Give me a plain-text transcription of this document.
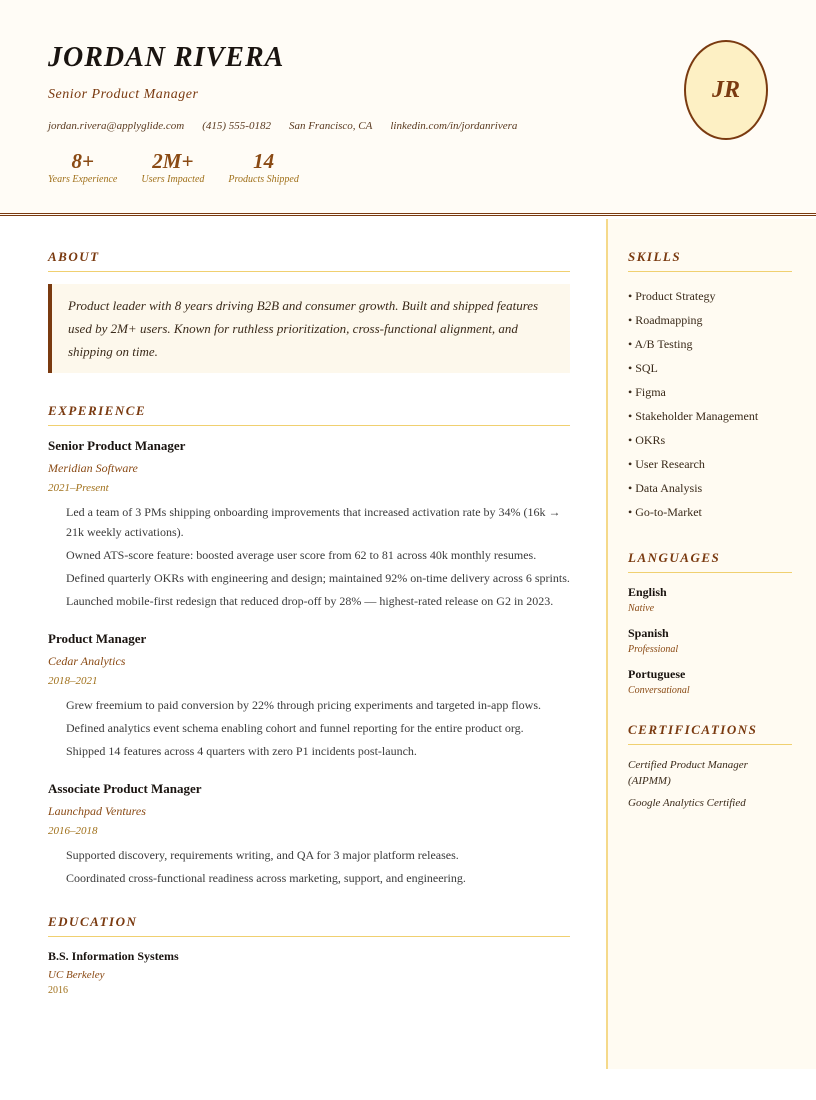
JORDAN RIVERA
Senior Product Manager
jordan.rivera@applyglide.com (415) 555-0182 San Francisco, CA linkedin.com/in/jordanrivera
8+
Years Experience
2M+
Users Impacted
14
Products Shipped
JR
ABOUT
Product leader with 8 years driving B2B and consumer growth. Built and shipped features used by 2M+ users. Known for ruthless prioritization, cross-functional alignment, and shipping on time.
EXPERIENCE
Senior Product Manager
Meridian Software
2021–Present
Led a team of 3 PMs shipping onboarding improvements that increased activation rate by 34% (16k → 21k weekly activations).
Owned ATS-score feature: boosted average user score from 62 to 81 across 40k monthly resumes.
Defined quarterly OKRs with engineering and design; maintained 92% on-time delivery across 6 sprints.
Launched mobile-first redesign that reduced drop-off by 28% — highest-rated release on G2 in 2023.
Product Manager
Cedar Analytics
2018–2021
Grew freemium to paid conversion by 22% through pricing experiments and targeted in-app flows.
Defined analytics event schema enabling cohort and funnel reporting for the entire product org.
Shipped 14 features across 4 quarters with zero P1 incidents post-launch.
Associate Product Manager
Launchpad Ventures
2016–2018
Supported discovery, requirements writing, and QA for 3 major platform releases.
Coordinated cross-functional readiness across marketing, support, and engineering.
EDUCATION
B.S. Information Systems
UC Berkeley
2016
SKILLS
• Product Strategy
• Roadmapping
• A/B Testing
• SQL
• Figma
• Stakeholder Management
• OKRs
• User Research
• Data Analysis
• Go-to-Market
LANGUAGES
English
Native
Spanish
Professional
Portuguese
Conversational
CERTIFICATIONS
Certified Product Manager (AIPMM)
Google Analytics Certified
